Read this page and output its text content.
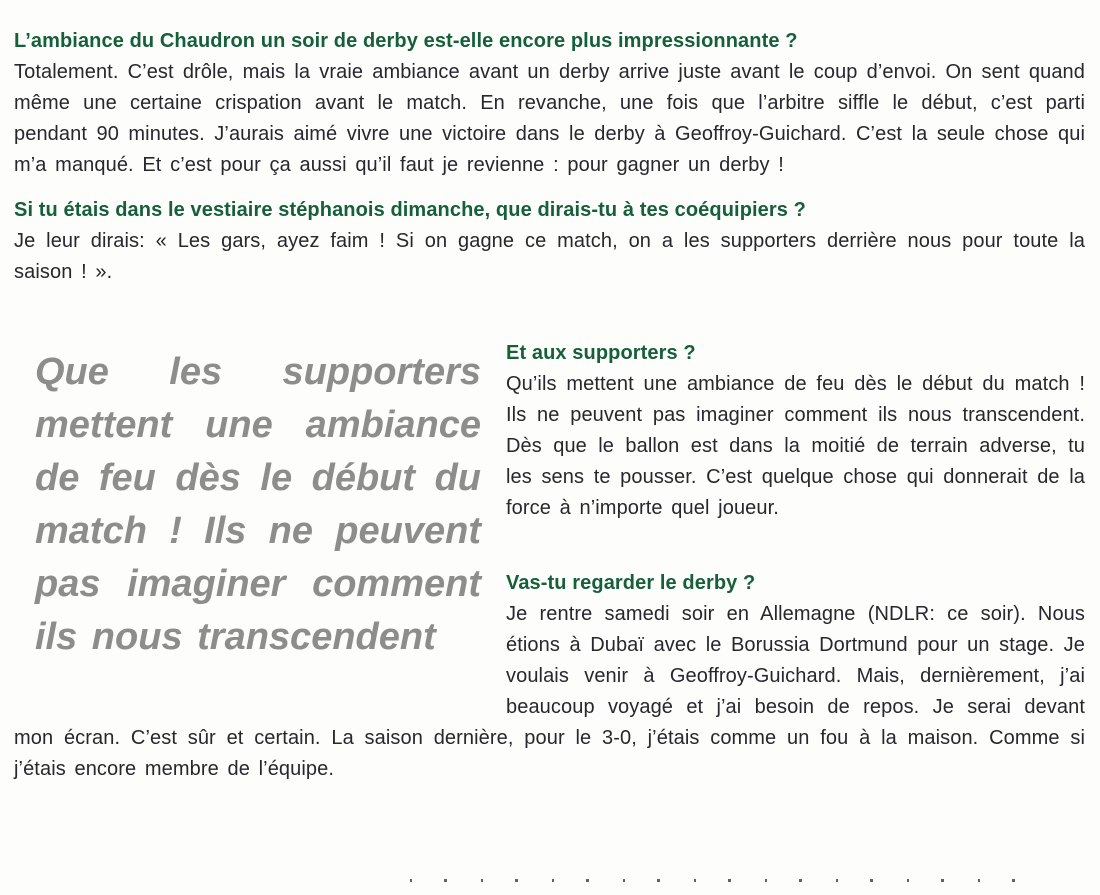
L’ambiance du Chaudron un soir de derby est-elle encore plus impressionnante ?

Totalement. C’est drôle, mais la vraie ambiance avant un derby arrive juste avant le coup d’envoi. On sent quand même une certaine crispation avant le match. En revanche, une fois que l’arbitre siffle le début, c’est parti pendant 90 minutes. J’aurais aimé vivre une victoire dans le derby à Geoffroy-Guichard. C’est la seule chose qui m’a manqué. Et c’est pour ça aussi qu’il faut je revienne : pour gagner un derby !

Si tu étais dans le vestiaire stéphanois dimanche, que dirais-tu à tes coéquipiers ?

Je leur dirais: « Les gars, ayez faim ! Si on gagne ce match, on a les supporters derrière nous pour toute la saison ! ».

Que les supporters mettent une ambiance de feu dès le début du match ! Ils ne peuvent pas imaginer comment ils nous transcendent
Et aux supporters ?

Qu’ils mettent une ambiance de feu dès le début du match ! Ils ne peuvent pas imaginer comment ils nous transcendent. Dès que le ballon est dans la moitié de terrain adverse, tu les sens te pousser. C’est quelque chose qui donnerait de la force à n’importe quel joueur.

Vas-tu regarder le derby ?

Je rentre samedi soir en Allemagne (NDLR: ce soir). Nous étions à Dubaï avec le Borussia Dortmund pour un stage. Je voulais venir à Geoffroy-Guichard. Mais, dernièrement, j’ai beaucoup voyagé et j’ai besoin de repos. Je serai devant mon écran. C’est sûr et certain. La saison dernière, pour le 3-0, j’étais comme un fou à la maison. Comme si j’étais encore membre de l’équipe.
